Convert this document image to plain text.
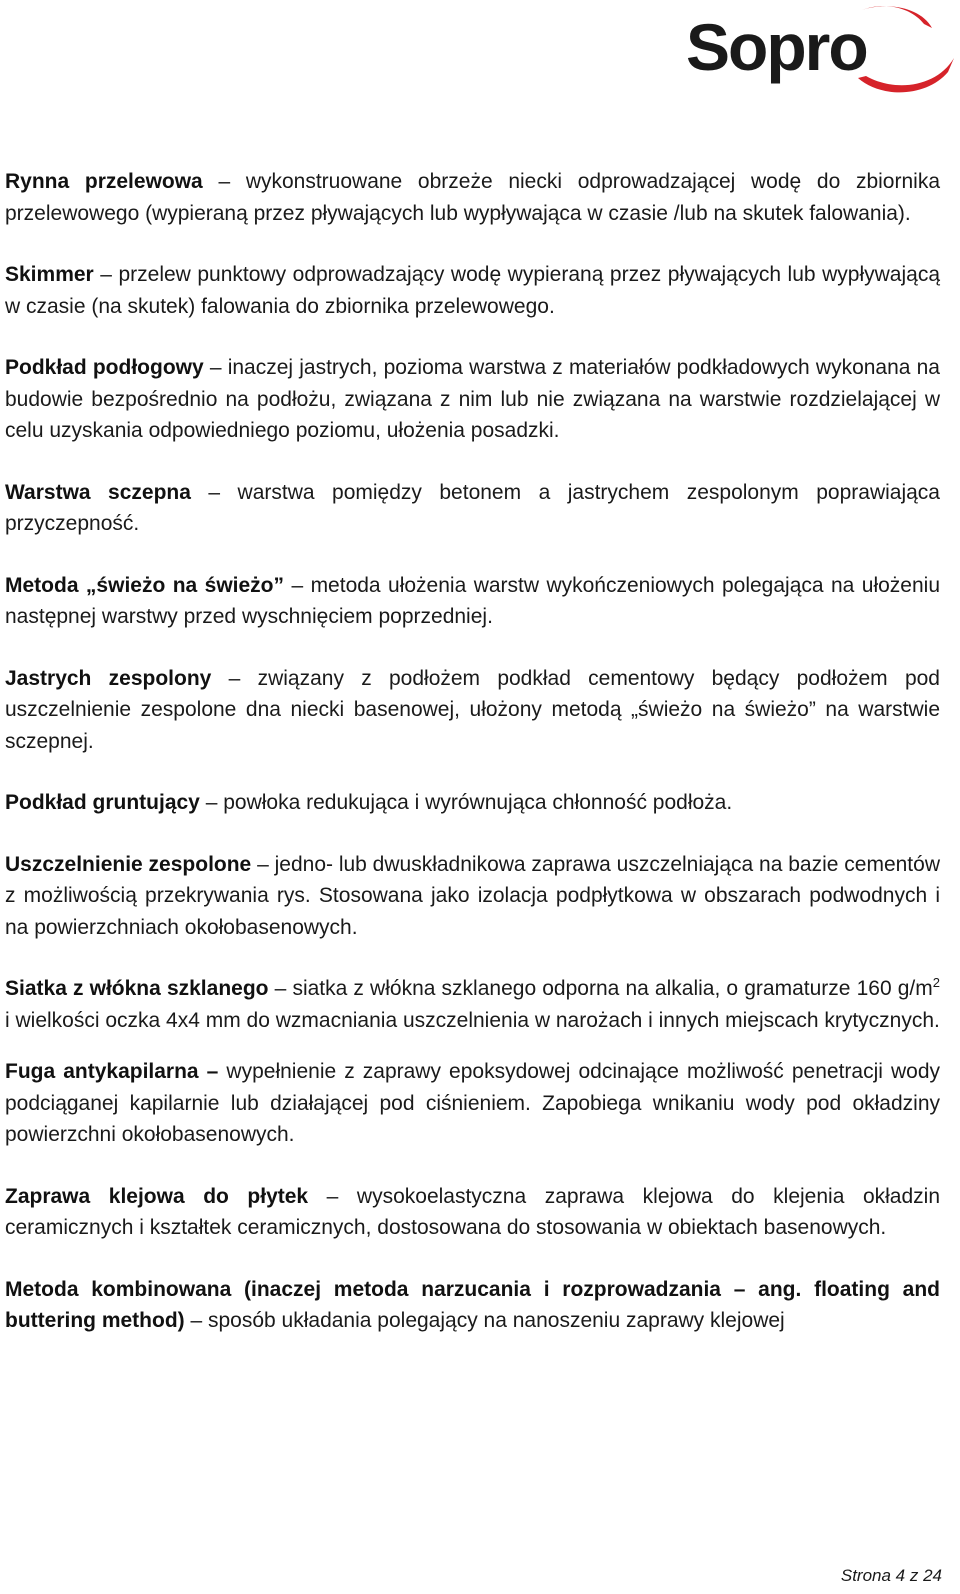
Sopro Polska Sp. z o.o.
ul. Poleczki 23F, 02-822 Warszawa
www.sopro.pl	Sopro

Rynna przelewowa – wykonstruowane obrzeże niecki odprowadzającej wodę do zbiornika przelewowego (wypieraną przez pływających lub wypływająca w czasie /lub na skutek falowania).

Skimmer – przelew punktowy odprowadzający wodę wypieraną przez pływających lub wypływającą w czasie (na skutek) falowania do zbiornika przelewowego.

Podkład podłogowy – inaczej jastrych, pozioma warstwa z materiałów podkładowych wykonana na budowie bezpośrednio na podłożu, związana z nim lub nie związana na warstwie rozdzielającej w celu uzyskania odpowiedniego poziomu, ułożenia posadzki.

Warstwa sczepna – warstwa pomiędzy betonem a jastrychem zespolonym poprawiająca przyczepność.

Metoda „świeżo na świeżo” – metoda ułożenia warstw wykończeniowych polegająca na ułożeniu następnej warstwy przed wyschnięciem poprzedniej.

Jastrych zespolony – związany z podłożem podkład cementowy będący podłożem pod uszczelnienie zespolone dna niecki basenowej, ułożony metodą „świeżo na świeżo” na warstwie sczepnej.

Podkład gruntujący – powłoka redukująca i wyrównująca chłonność podłoża.

Uszczelnienie zespolone – jedno- lub dwuskładnikowa zaprawa uszczelniająca na bazie cementów z możliwością przekrywania rys. Stosowana jako izolacja podpłytkowa w obszarach podwodnych i na powierzchniach okołobasenowych.

Siatka z włókna szklanego – siatka z włókna szklanego odporna na alkalia, o gramaturze 160 $g/m^2$ i wielkości oczka 4x4 mm do wzmacniania uszczelnienia w narożach i innych miejscach krytycznych.

Fuga antykapilarna – wypełnienie z zaprawy epoksydowej odcinające możliwość penetracji wody podciąganej kapilarnie lub działającej pod ciśnieniem. Zapobiega wnikaniu wody pod okładziny powierzchni okołobasenowych.

Zaprawa klejowa do płytek – wysokoelastyczna zaprawa klejowa do klejenia okładzin ceramicznych i kształtek ceramicznych, dostosowana do stosowania w obiektach basenowych.

Metoda kombinowana (inaczej metoda narzucania i rozprowadzania – ang. floating and buttering method) – sposób układania polegający na nanoszeniu zaprawy klejowej

Strona 4 z 24
